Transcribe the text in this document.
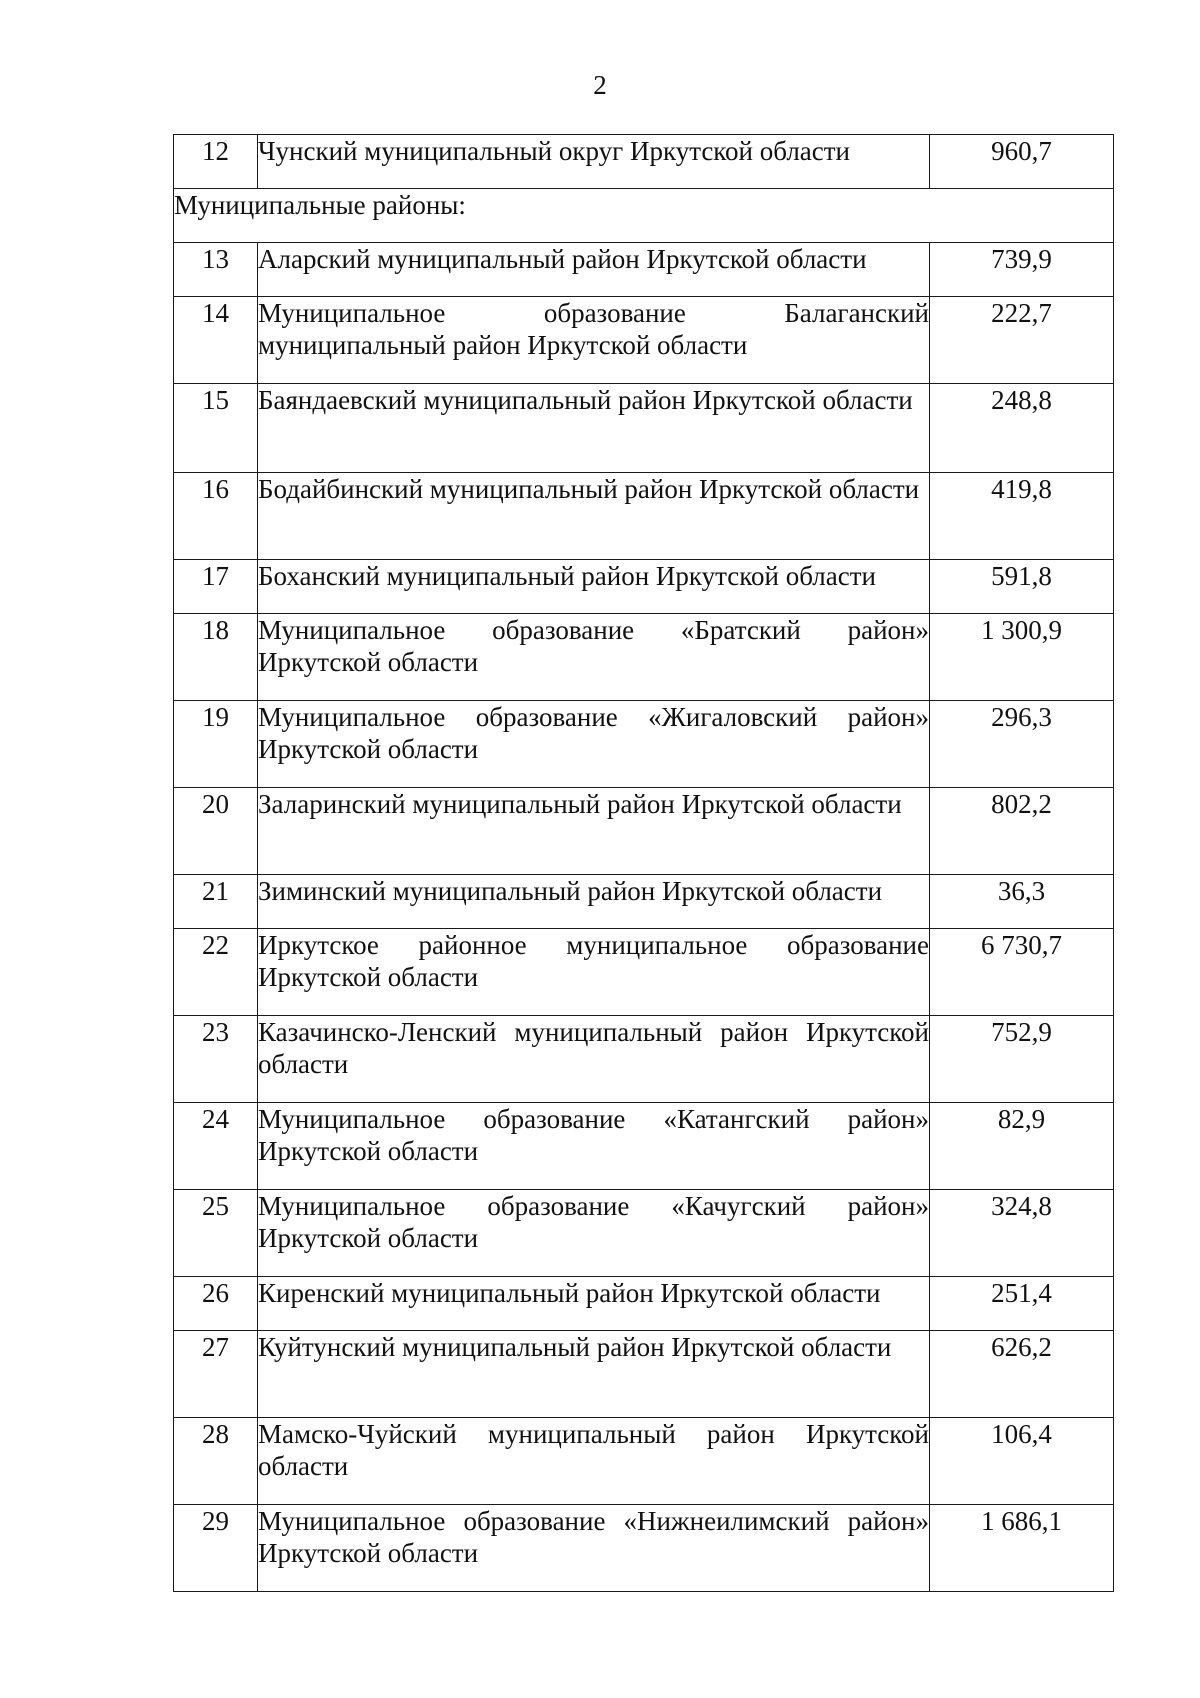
2
12	Чунский муниципальный округ Иркутской области	960,7
Муниципальные районы:		
13	Аларский муниципальный район Иркутской области	739,9
14	Муниципальное образование Балаганский муниципальный район Иркутской области	222,7
15	Баяндаевский муниципальный район Иркутской области	248,8
16	Бодайбинский муниципальный район Иркутской области	419,8
17	Боханский муниципальный район Иркутской области	591,8
18	Муниципальное образование «Братский район» Иркутской области	1 300,9
19	Муниципальное образование «Жигаловский район» Иркутской области	296,3
20	Заларинский муниципальный район Иркутской области	802,2
21	Зиминский муниципальный район Иркутской области	36,3
22	Иркутское районное муниципальное образование Иркутской области	6 730,7
23	Казачинско-Ленский муниципальный район Иркутской области	752,9
24	Муниципальное образование «Катангский район» Иркутской области	82,9
25	Муниципальное образование «Качугский район» Иркутской области	324,8
26	Киренский муниципальный район Иркутской области	251,4
27	Куйтунский муниципальный район Иркутской области	626,2
28	Мамско-Чуйский муниципальный район Иркутской области	106,4
29	Муниципальное образование «Нижнеилимский район» Иркутской области	1 686,1
